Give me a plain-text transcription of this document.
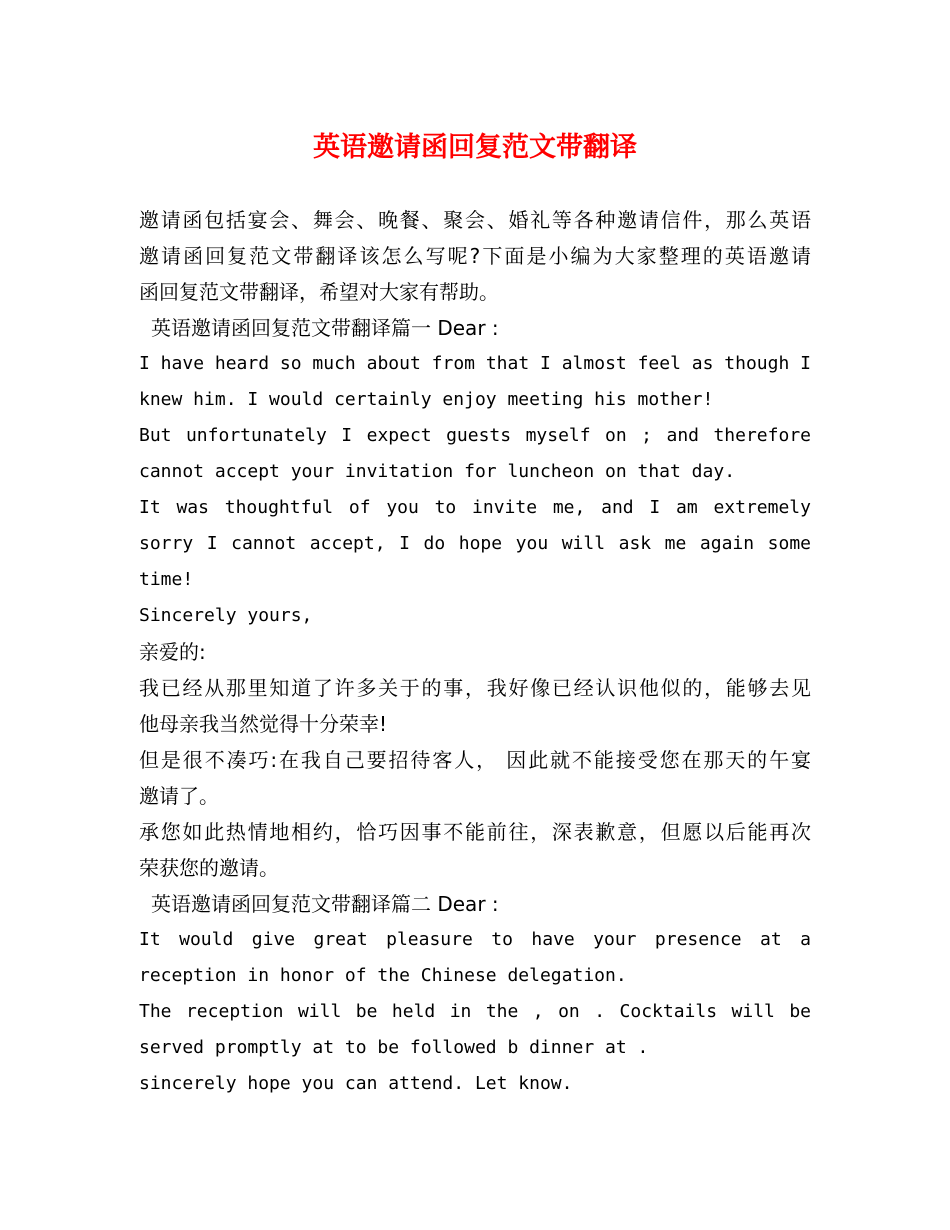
英语邀请函回复范文带翻译

邀请函包括宴会、舞会、晚餐、聚会、婚礼等各种邀请信件，那么英语

邀请函回复范文带翻译该怎么写呢?下面是小编为大家整理的英语邀请

函回复范文带翻译，希望对大家有帮助。

英语邀请函回复范文带翻译篇一 Dear :

I have heard so much about from that I almost feel as though I

knew him. I would certainly enjoy meeting his mother!

But unfortunately I expect guests myself on ; and therefore

cannot accept your invitation for luncheon on that day.

It was thoughtful of you to invite me, and I am extremely

sorry I cannot accept, I do hope you will ask me again some

time!

Sincerely yours,

亲爱的:

我已经从那里知道了许多关于的事，我好像已经认识他似的，能够去见

他母亲我当然觉得十分荣幸!

但是很不凑巧:在我自己要招待客人， 因此就不能接受您在那天的午宴

邀请了。

承您如此热情地相约，恰巧因事不能前往，深表歉意，但愿以后能再次

荣获您的邀请。

英语邀请函回复范文带翻译篇二 Dear :

It would give great pleasure to have your presence at a

reception in honor of the Chinese delegation.

The reception will be held in the , on . Cocktails will be

served promptly at to be followed b dinner at .

sincerely hope you can attend. Let know.
